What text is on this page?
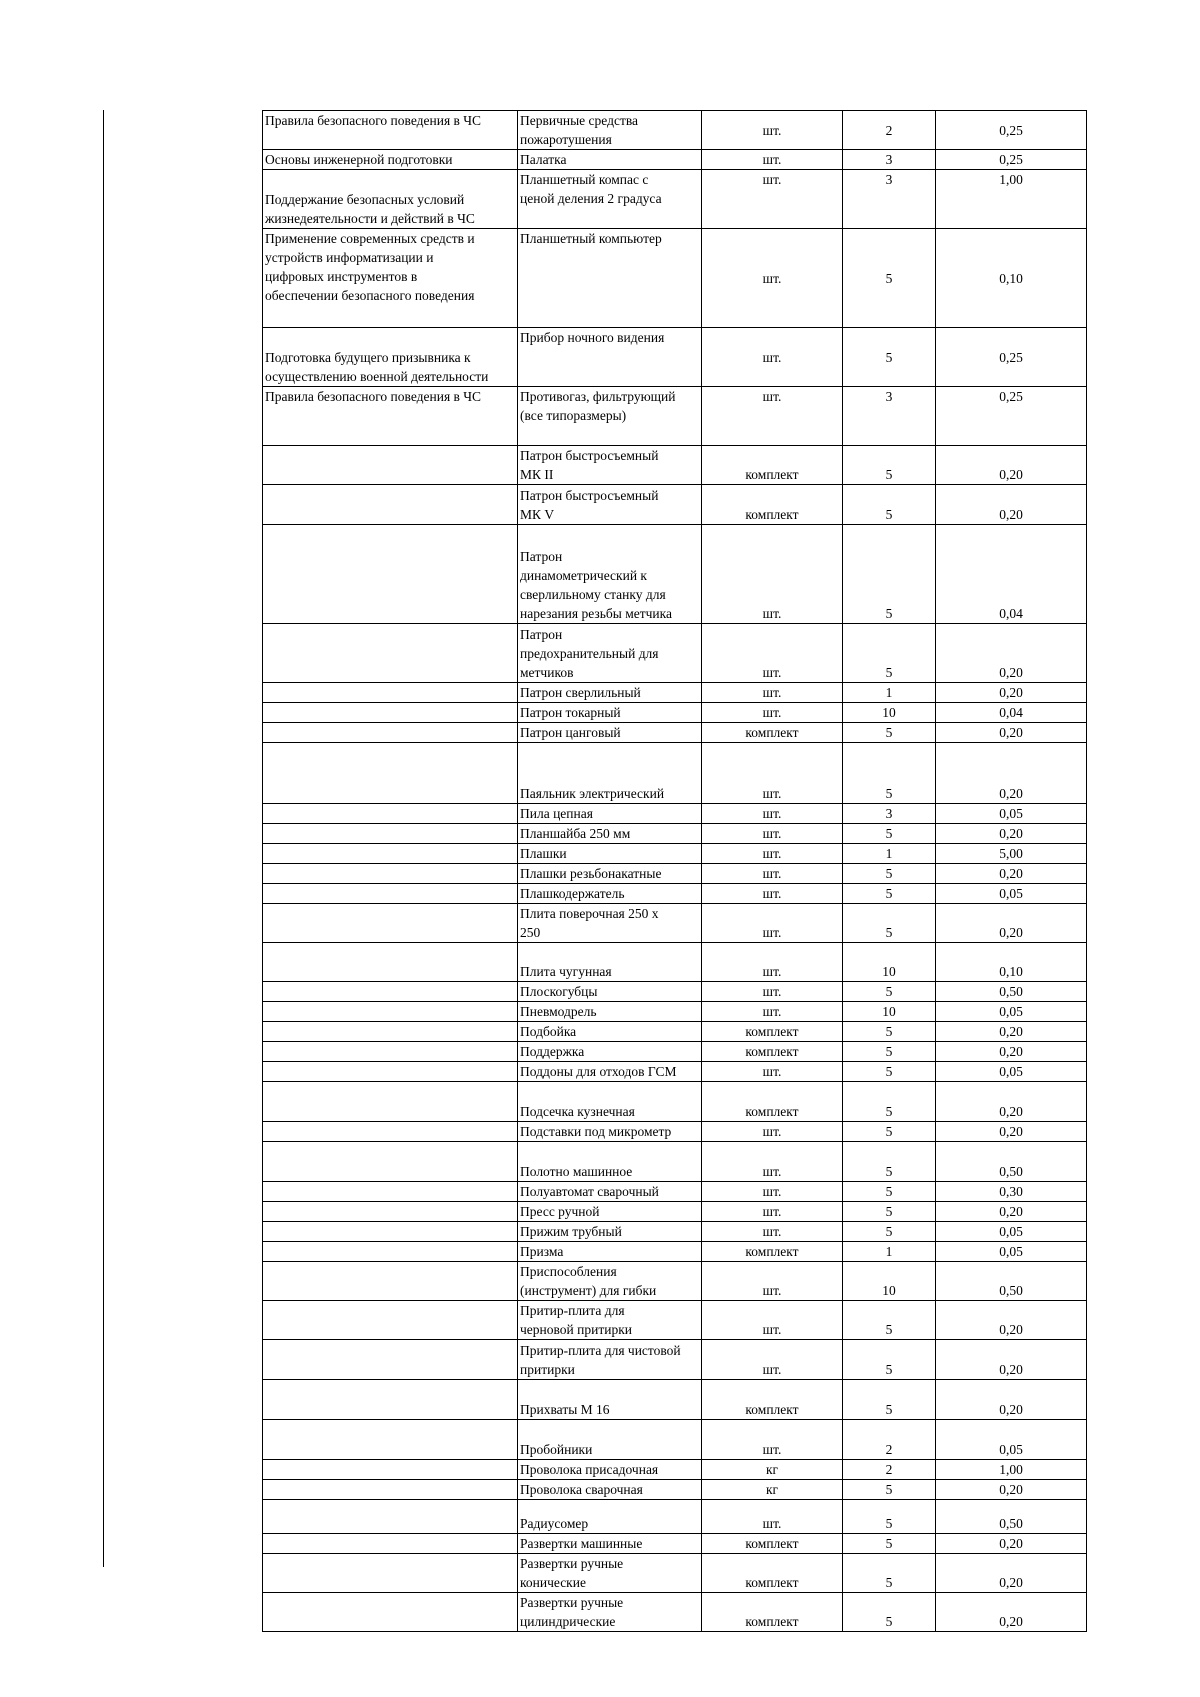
Правила безопасного поведения в ЧС	Первичные средства
пожаротушения	шт.	2	0,25
Основы инженерной подготовки	Палатка	шт.	3	0,25
Поддержание безопасных условий
жизнедеятельности и действий в ЧС	Планшетный компас с
ценой деления 2 градуса	шт.	3	1,00
Применение современных средств и
устройств информатизации и
цифровых инструментов в
обеспечении безопасного поведения	Планшетный компьютер	шт.	5	0,10
Подготовка будущего призывника к
осуществлению военной деятельности	Прибор ночного видения	шт.	5	0,25
Правила безопасного поведения в ЧС	Противогаз, фильтрующий
(все типоразмеры)	шт.	3	0,25
	Патрон быстросъемный
МК II	комплект	5	0,20
	Патрон быстросъемный
МК V	комплект	5	0,20
	Патрон
динамометрический к
сверлильному станку для
нарезания резьбы метчика	шт.	5	0,04
	Патрон
предохранительный для
метчиков	шт.	5	0,20
	Патрон сверлильный	шт.	1	0,20
	Патрон токарный	шт.	10	0,04
	Патрон цанговый	комплект	5	0,20
	Паяльник электрический	шт.	5	0,20
	Пила цепная	шт.	3	0,05
	Планшайба 250 мм	шт.	5	0,20
	Плашки	шт.	1	5,00
	Плашки резьбонакатные	шт.	5	0,20
	Плашкодержатель	шт.	5	0,05
	Плита поверочная 250 х
250	шт.	5	0,20
	Плита чугунная	шт.	10	0,10
	Плоскогубцы	шт.	5	0,50
	Пневмодрель	шт.	10	0,05
	Подбойка	комплект	5	0,20
	Поддержка	комплект	5	0,20
	Поддоны для отходов ГСМ	шт.	5	0,05
	Подсечка кузнечная	комплект	5	0,20
	Подставки под микрометр	шт.	5	0,20
	Полотно машинное	шт.	5	0,50
	Полуавтомат сварочный	шт.	5	0,30
	Пресс ручной	шт.	5	0,20
	Прижим трубный	шт.	5	0,05
	Призма	комплект	1	0,05
	Приспособления
(инструмент) для гибки	шт.	10	0,50
	Притир-плита для
черновой притирки	шт.	5	0,20
	Притир-плита для чистовой
притирки	шт.	5	0,20
	Прихваты М 16	комплект	5	0,20
	Пробойники	шт.	2	0,05
	Проволока присадочная	кг	2	1,00
	Проволока сварочная	кг	5	0,20
	Радиусомер	шт.	5	0,50
	Развертки машинные	комплект	5	0,20
	Развертки ручные
конические	комплект	5	0,20
	Развертки ручные
цилиндрические	комплект	5	0,20
